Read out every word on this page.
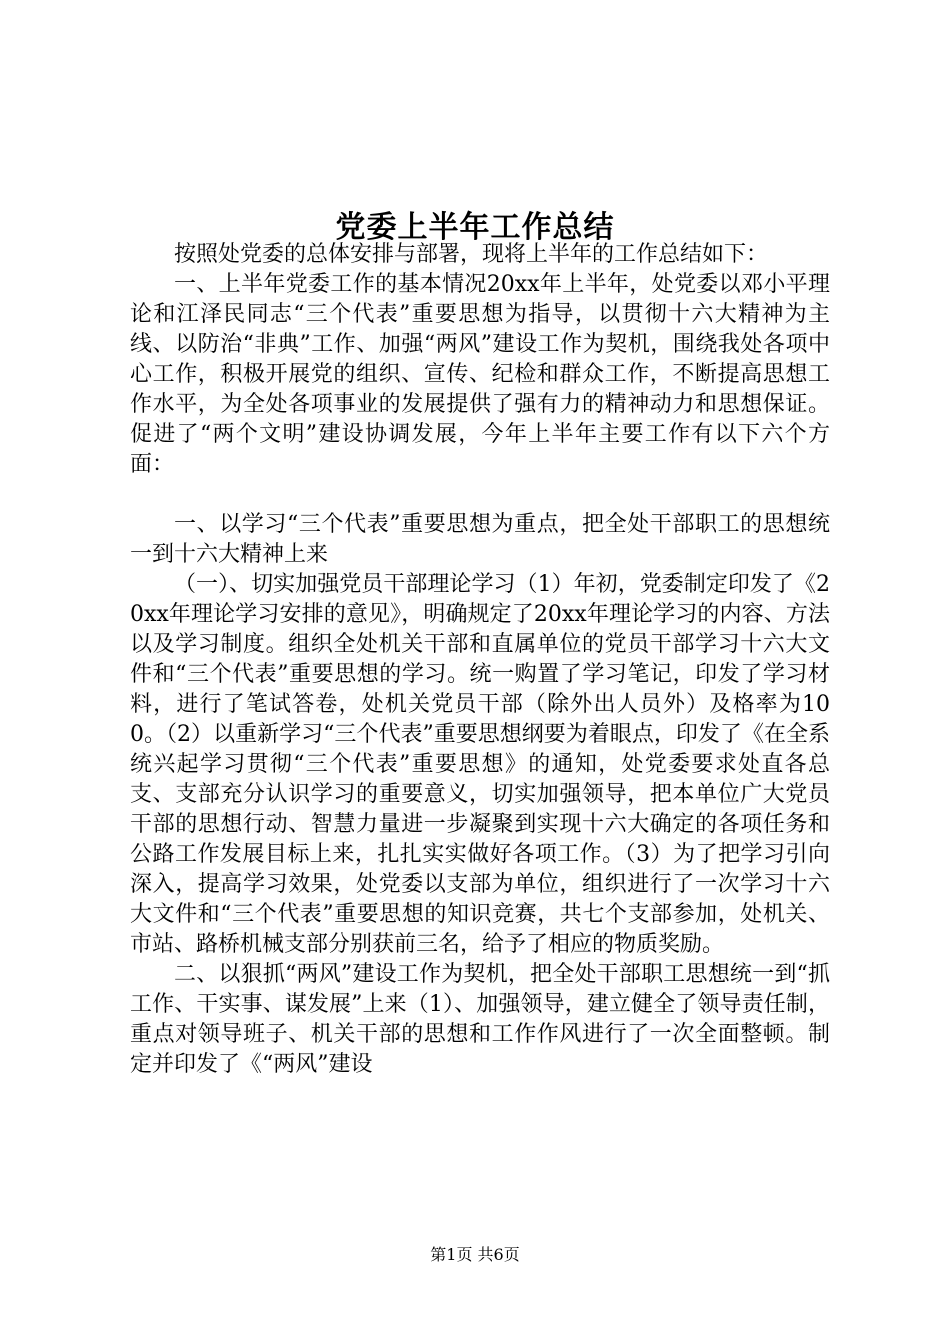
党委上半年工作总结

按照处党委的总体安排与部署，现将上半年的工作总结如下：

一、上半年党委工作的基本情况20xx年上半年，处党委以邓小平理论和江泽民同志“三个代表”重要思想为指导，以贯彻十六大精神为主线、以防治“非典”工作、加强“两风”建设工作为契机，围绕我处各项中心工作，积极开展党的组织、宣传、纪检和群众工作，不断提高思想工作水平，为全处各项事业的发展提供了强有力的精神动力和思想保证。促进了“两个文明”建设协调发展，今年上半年主要工作有以下六个方面：

一、以学习“三个代表”重要思想为重点，把全处干部职工的思想统一到十六大精神上来

（一）、切实加强党员干部理论学习（1）年初，党委制定印发了《20xx年理论学习安排的意见》，明确规定了20xx年理论学习的内容、方法以及学习制度。组织全处机关干部和直属单位的党员干部学习十六大文件和“三个代表”重要思想的学习。统一购置了学习笔记，印发了学习材料，进行了笔试答卷，处机关党员干部（除外出人员外）及格率为100。（2）以重新学习“三个代表”重要思想纲要为着眼点，印发了《在全系统兴起学习贯彻“三个代表”重要思想》的通知，处党委要求处直各总支、支部充分认识学习的重要意义，切实加强领导，把本单位广大党员干部的思想行动、智慧力量进一步凝聚到实现十六大确定的各项任务和公路工作发展目标上来，扎扎实实做好各项工作。（3）为了把学习引向深入，提高学习效果，处党委以支部为单位，组织进行了一次学习十六大文件和“三个代表”重要思想的知识竞赛，共七个支部参加，处机关、市站、路桥机械支部分别获前三名，给予了相应的物质奖励。

二、以狠抓“两风”建设工作为契机，把全处干部职工思想统一到“抓工作、干实事、谋发展”上来（1）、加强领导，建立健全了领导责任制，重点对领导班子、机关干部的思想和工作作风进行了一次全面整顿。制定并印发了《“两风”建设

第1页 共6页
